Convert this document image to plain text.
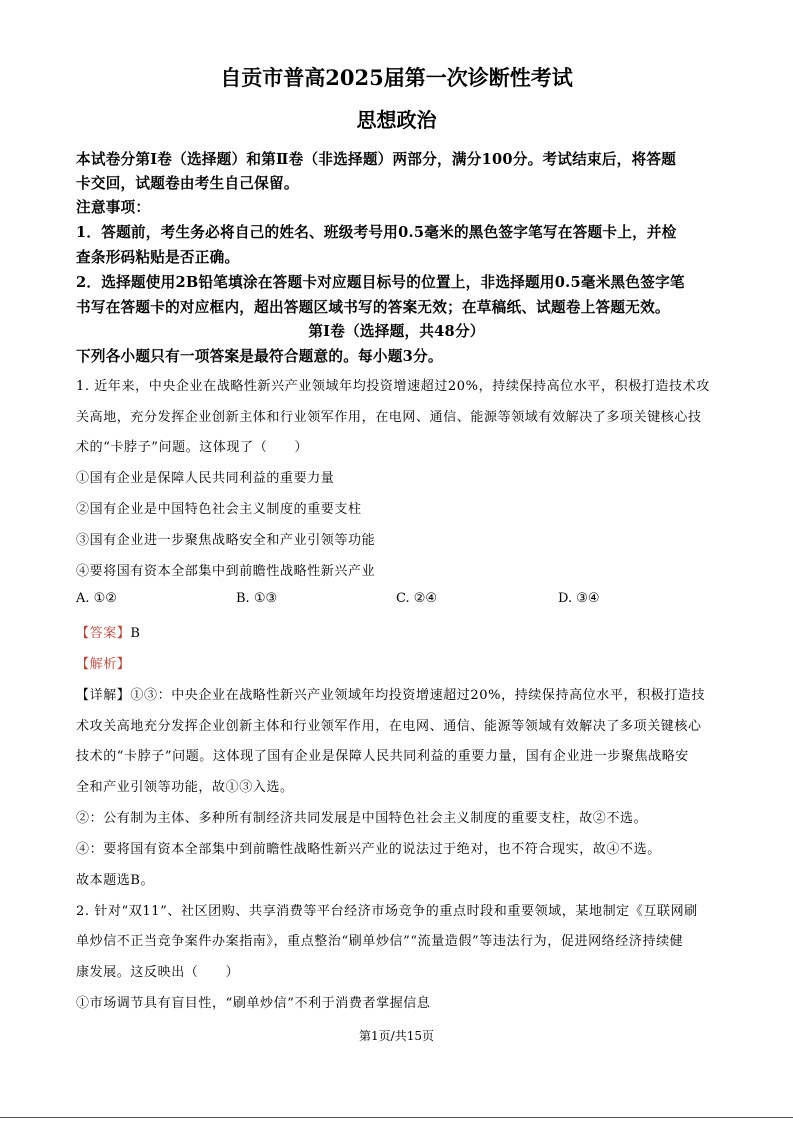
自贡市普高2025届第一次诊断性考试
思想政治
本试卷分第Ⅰ卷（选择题）和第Ⅱ卷（非选择题）两部分，满分100分。考试结束后，将答题
卡交回，试题卷由考生自己保留。
注意事项：
1．答题前，考生务必将自己的姓名、班级考号用0.5毫米的黑色签字笔写在答题卡上，并检
查条形码粘贴是否正确。
2．选择题使用2B铅笔填涂在答题卡对应题目标号的位置上，非选择题用0.5毫米黑色签字笔
书写在答题卡的对应框内，超出答题区域书写的答案无效；在草稿纸、试题卷上答题无效。
第Ⅰ卷（选择题，共48分）
下列各小题只有一项答案是最符合题意的。每小题3分。
1. 近年来，中央企业在战略性新兴产业领域年均投资增速超过20%，持续保持高位水平，积极打造技术攻
关高地，充分发挥企业创新主体和行业领军作用，在电网、通信、能源等领域有效解决了多项关键核心技
术的“卡脖子”问题。这体现了（　　）
①国有企业是保障人民共同利益的重要力量
②国有企业是中国特色社会主义制度的重要支柱
③国有企业进一步聚焦战略安全和产业引领等功能
④要将国有资本全部集中到前瞻性战略性新兴产业
A. ①②	B. ①③	C. ②④	D. ③④
【答案】B
【解析】
【详解】①③：中央企业在战略性新兴产业领域年均投资增速超过20%，持续保持高位水平，积极打造技
术攻关高地充分发挥企业创新主体和行业领军作用，在电网、通信、能源等领域有效解决了多项关键核心
技术的“卡脖子”问题。这体现了国有企业是保障人民共同利益的重要力量，国有企业进一步聚焦战略安
全和产业引领等功能，故①③入选。
②：公有制为主体、多种所有制经济共同发展是中国特色社会主义制度的重要支柱，故②不选。
④：要将国有资本全部集中到前瞻性战略性新兴产业的说法过于绝对，也不符合现实，故④不选。
故本题选B。
2. 针对“双11”、社区团购、共享消费等平台经济市场竞争的重点时段和重要领域，某地制定《互联网刷
单炒信不正当竞争案件办案指南》，重点整治“刷单炒信”“流量造假”等违法行为，促进网络经济持续健
康发展。这反映出（　　）
①市场调节具有盲目性，“刷单炒信”不利于消费者掌握信息
第1页/共15页
